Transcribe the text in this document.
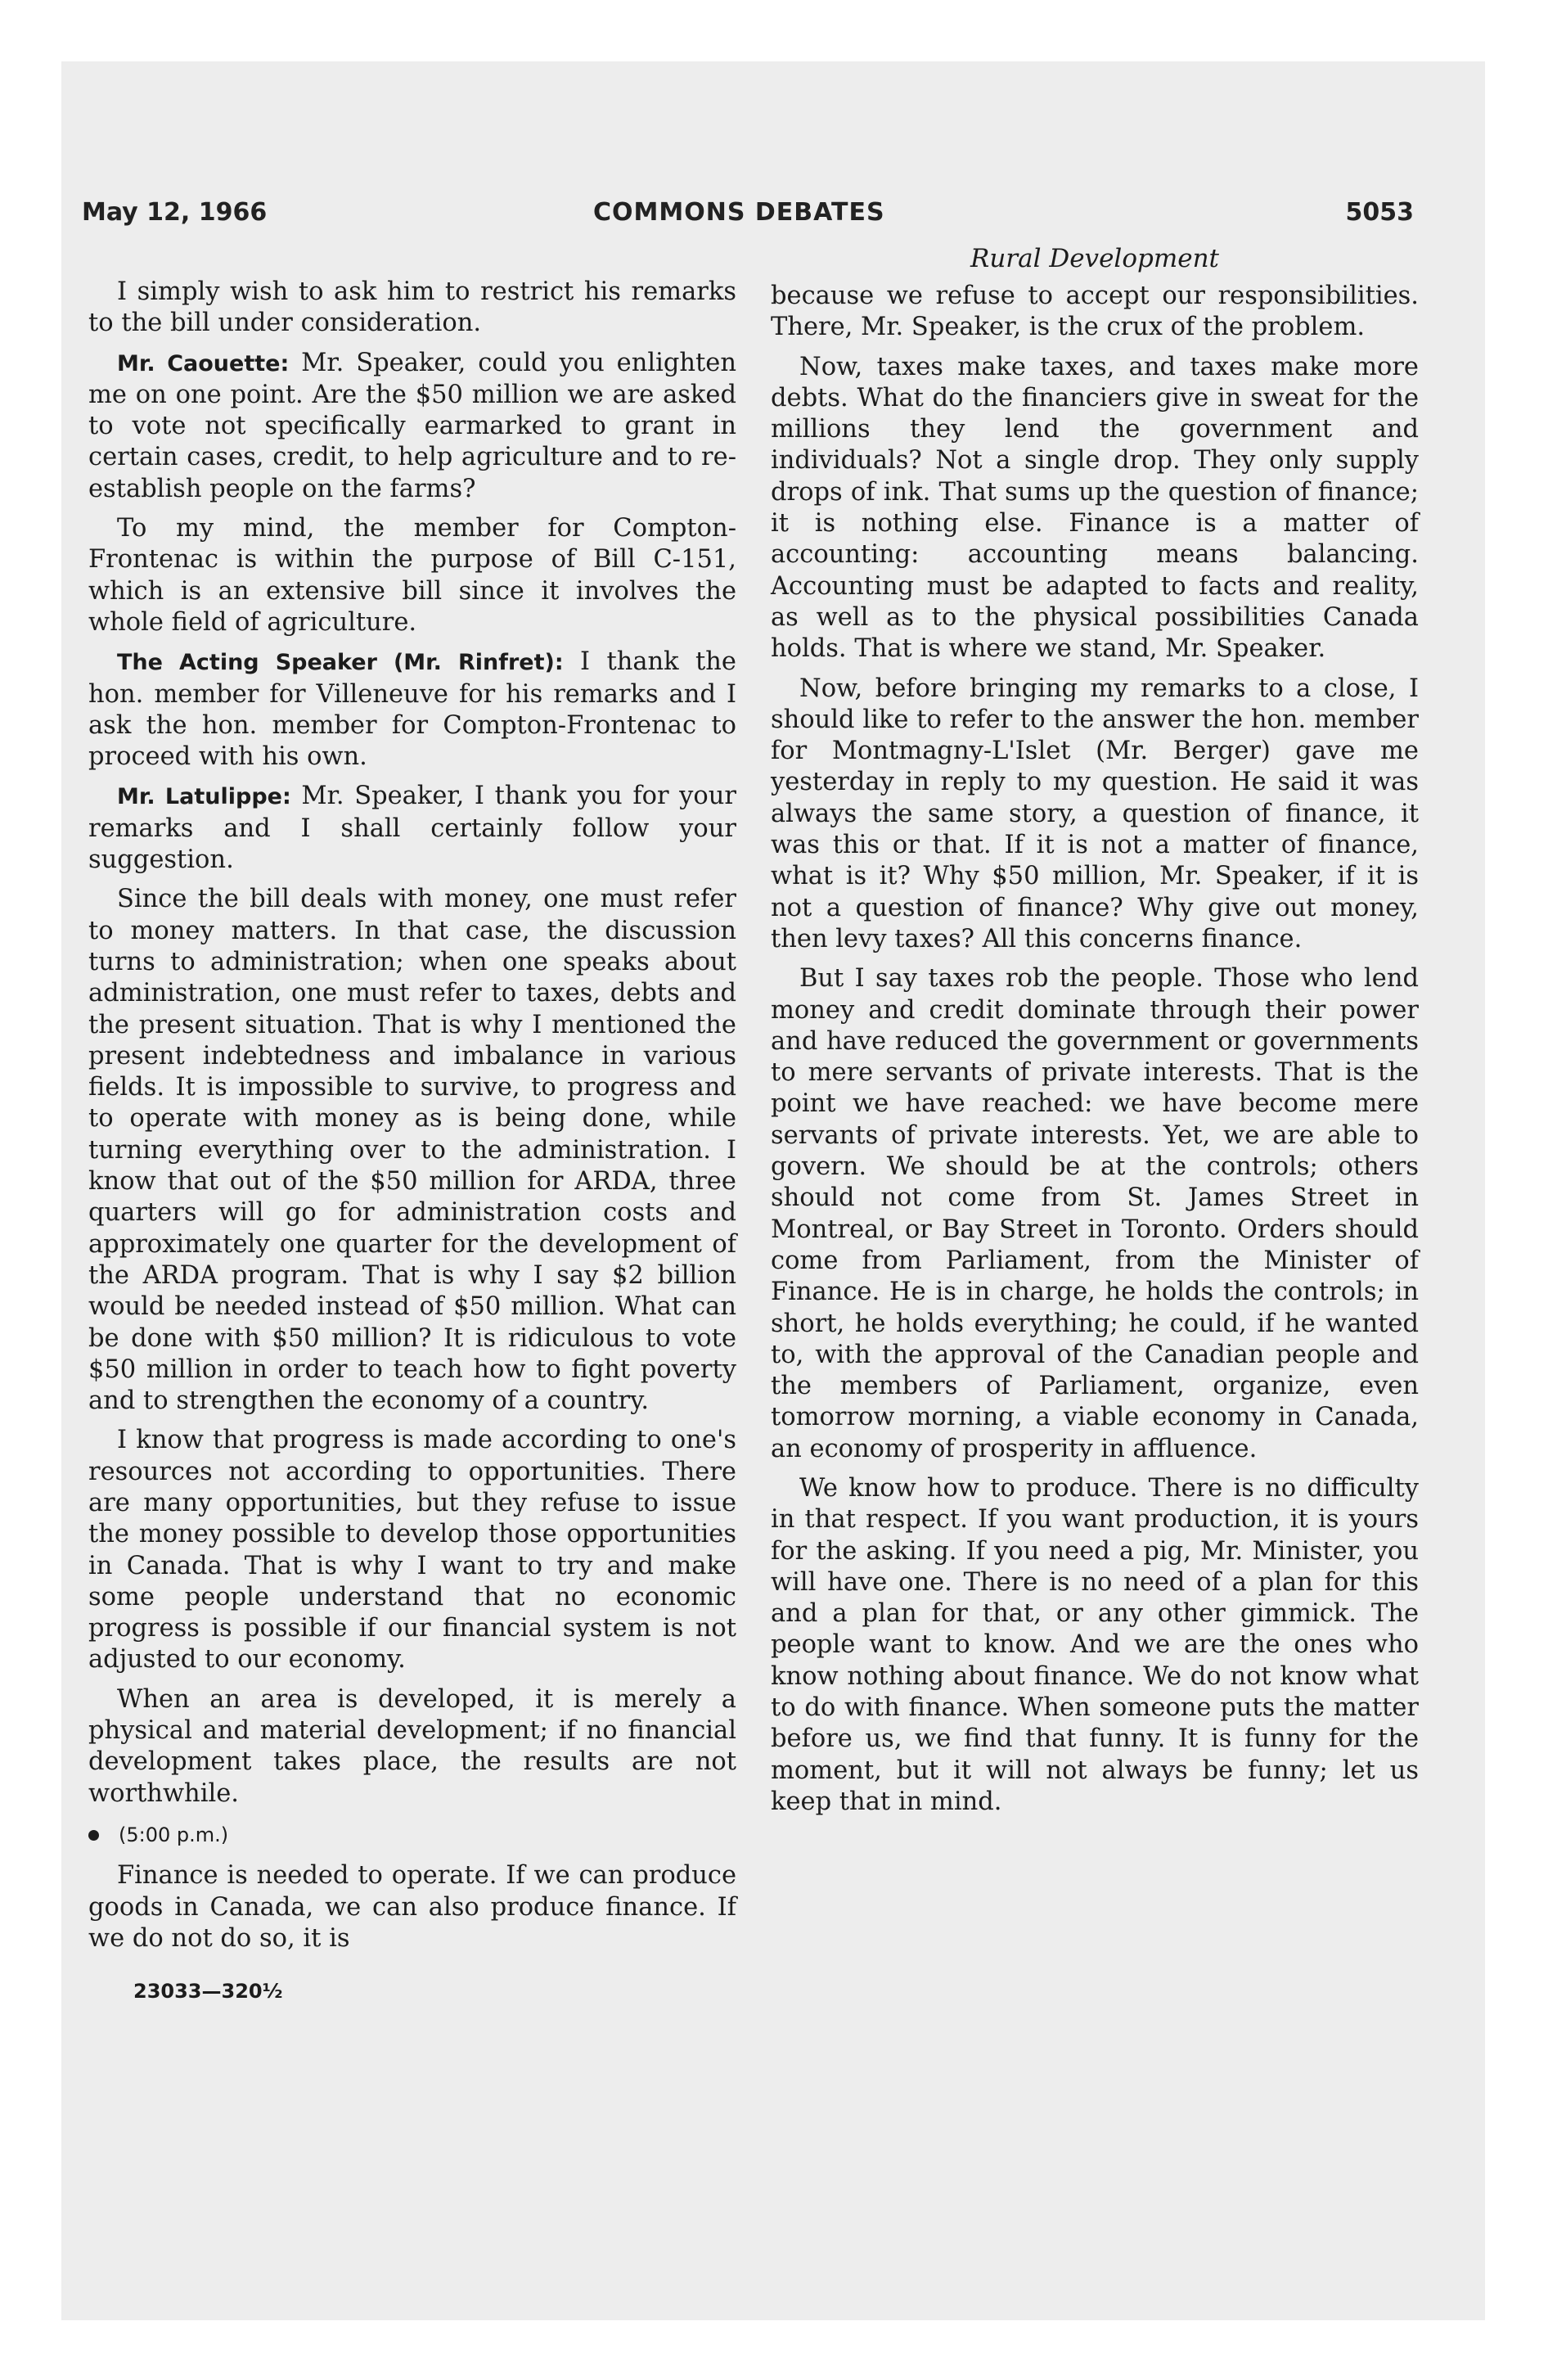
May 12, 1966	COMMONS DEBATES	5053

I simply wish to ask him to restrict his remarks to the bill under consideration.

Mr. Caouette: Mr. Speaker, could you enlighten me on one point. Are the $50 million we are asked to vote not specifically earmarked to grant in certain cases, credit, to help agriculture and to re-establish people on the farms?

To my mind, the member for Compton-Frontenac is within the purpose of Bill C-151, which is an extensive bill since it involves the whole field of agriculture.

The Acting Speaker (Mr. Rinfret): I thank the hon. member for Villeneuve for his remarks and I ask the hon. member for Compton-Frontenac to proceed with his own.

Mr. Latulippe: Mr. Speaker, I thank you for your remarks and I shall certainly follow your suggestion.

Since the bill deals with money, one must refer to money matters. In that case, the discussion turns to administration; when one speaks about administration, one must refer to taxes, debts and the present situation. That is why I mentioned the present indebtedness and imbalance in various fields. It is impossible to survive, to progress and to operate with money as is being done, while turning everything over to the administration. I know that out of the $50 million for ARDA, three quarters will go for administration costs and approximately one quarter for the development of the ARDA program. That is why I say $2 billion would be needed instead of $50 million. What can be done with $50 million? It is ridiculous to vote $50 million in order to teach how to fight poverty and to strengthen the economy of a country.

I know that progress is made according to one's resources not according to opportunities. There are many opportunities, but they refuse to issue the money possible to develop those opportunities in Canada. That is why I want to try and make some people understand that no economic progress is possible if our financial system is not adjusted to our economy.

When an area is developed, it is merely a physical and material development; if no financial development takes place, the results are not worthwhile.

(5:00 p.m.)

Finance is needed to operate. If we can produce goods in Canada, we can also produce finance. If we do not do so, it is

23033—320½

Rural Development

because we refuse to accept our responsibilities. There, Mr. Speaker, is the crux of the problem.

Now, taxes make taxes, and taxes make more debts. What do the financiers give in sweat for the millions they lend the government and individuals? Not a single drop. They only supply drops of ink. That sums up the question of finance; it is nothing else. Finance is a matter of accounting: accounting means balancing. Accounting must be adapted to facts and reality, as well as to the physical possibilities Canada holds. That is where we stand, Mr. Speaker.

Now, before bringing my remarks to a close, I should like to refer to the answer the hon. member for Montmagny-L'Islet (Mr. Berger) gave me yesterday in reply to my question. He said it was always the same story, a question of finance, it was this or that. If it is not a matter of finance, what is it? Why $50 million, Mr. Speaker, if it is not a question of finance? Why give out money, then levy taxes? All this concerns finance.

But I say taxes rob the people. Those who lend money and credit dominate through their power and have reduced the government or governments to mere servants of private interests. That is the point we have reached: we have become mere servants of private interests. Yet, we are able to govern. We should be at the controls; others should not come from St. James Street in Montreal, or Bay Street in Toronto. Orders should come from Parliament, from the Minister of Finance. He is in charge, he holds the controls; in short, he holds everything; he could, if he wanted to, with the approval of the Canadian people and the members of Parliament, organize, even tomorrow morning, a viable economy in Canada, an economy of prosperity in affluence.

We know how to produce. There is no difficulty in that respect. If you want production, it is yours for the asking. If you need a pig, Mr. Minister, you will have one. There is no need of a plan for this and a plan for that, or any other gimmick. The people want to know. And we are the ones who know nothing about finance. We do not know what to do with finance. When someone puts the matter before us, we find that funny. It is funny for the moment, but it will not always be funny; let us keep that in mind.
